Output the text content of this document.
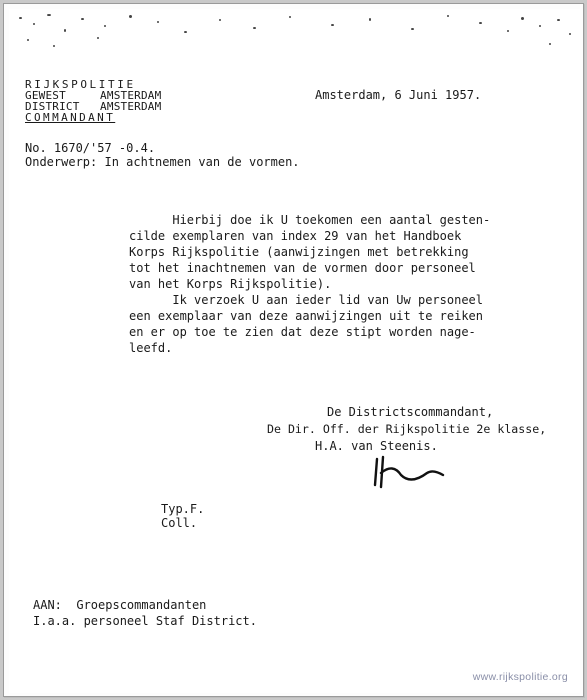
RIJKSPOLITIE
GEWEST     AMSTERDAM
DISTRICT   AMSTERDAM
COMMANDANT
Amsterdam, 6 Juni 1957.
No. 1670/'57 -0.4.
Onderwerp: In achtnemen van de vormen.
Hierbij doe ik U toekomen een aantal gesten-
cilde exemplaren van index 29 van het Handboek
Korps Rijkspolitie (aanwijzingen met betrekking
tot het inachtnemen van de vormen door personeel
van het Korps Rijkspolitie).
Ik verzoek U aan ieder lid van Uw personeel
een exemplaar van deze aanwijzingen uit te reiken
en er op toe te zien dat deze stipt worden nage-
leefd.
De Districtscommandant,
De Dir. Off. der Rijkspolitie 2e klasse,
H.A. van Steenis.
Typ.F.
Coll.
AAN:  Groepscommandanten
I.a.a. personeel Staf District.
www.rijkspolitie.org
